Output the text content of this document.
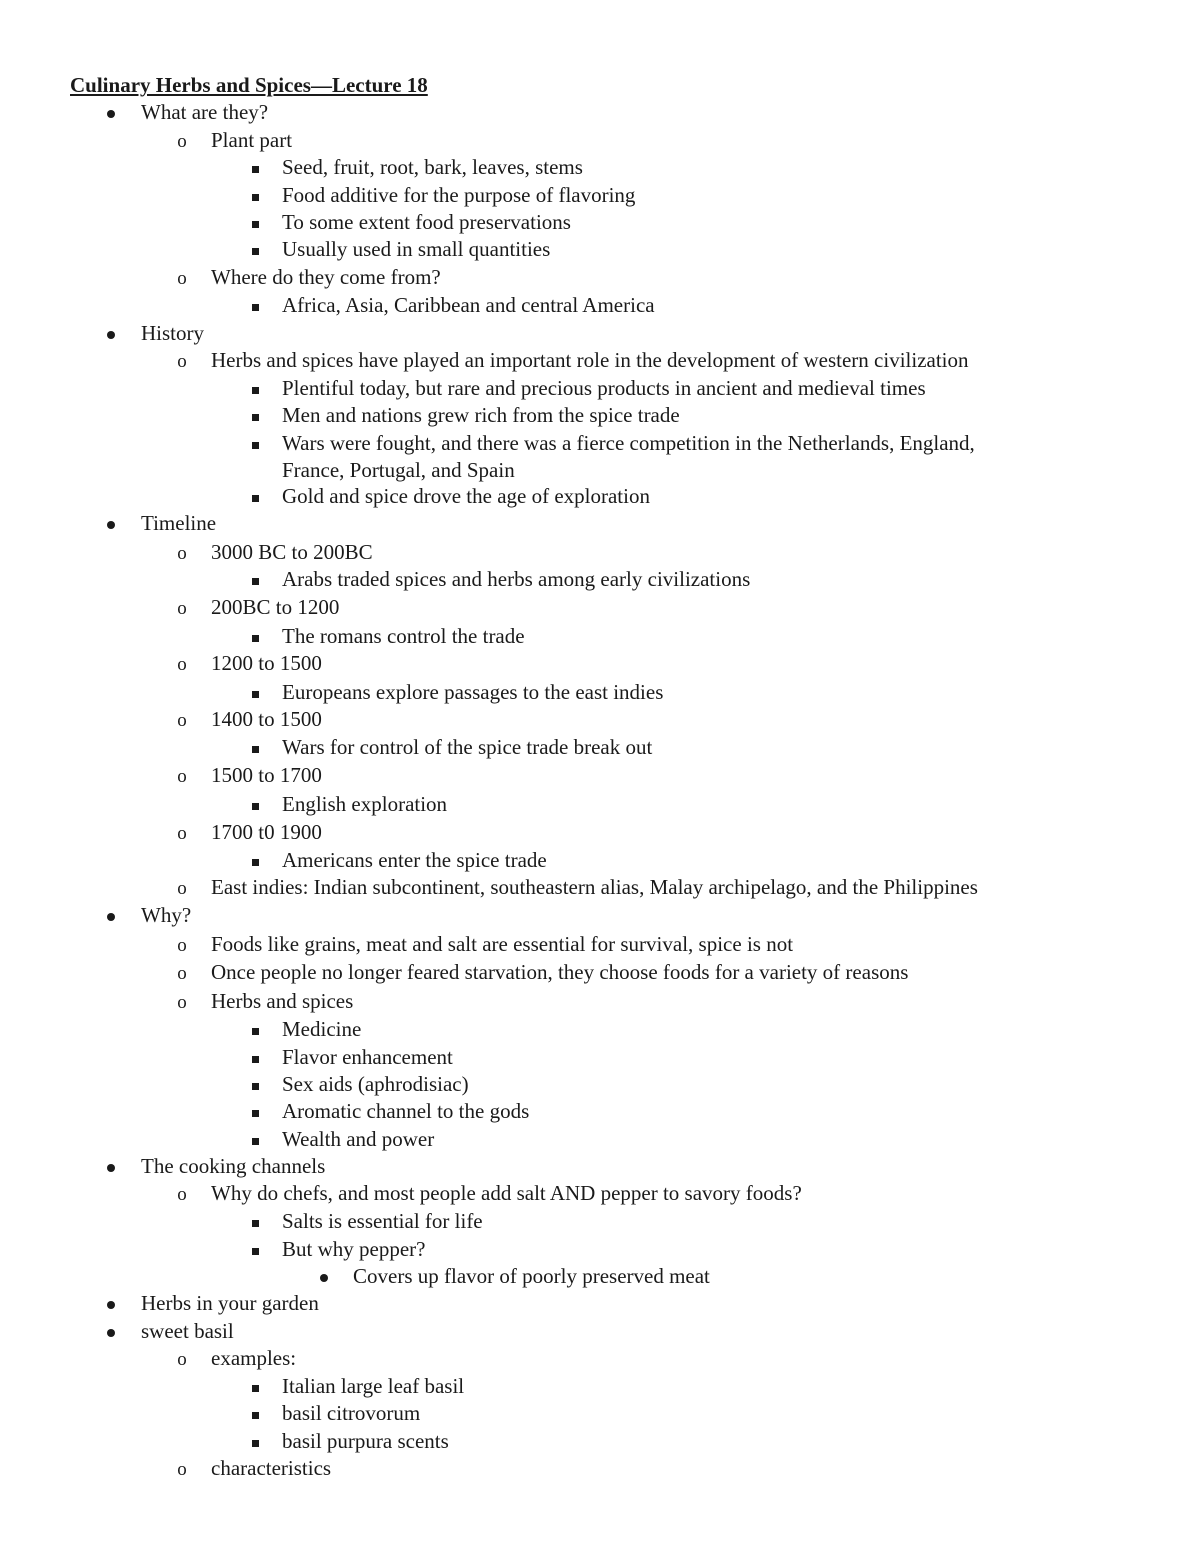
Culinary Herbs and Spices—Lecture 18
What are they?
o
Plant part
Seed, fruit, root, bark, leaves, stems
Food additive for the purpose of flavoring
To some extent food preservations
Usually used in small quantities
o
Where do they come from?
Africa, Asia, Caribbean and central America
History
o
Herbs and spices have played an important role in the development of western civilization
Plentiful today, but rare and precious products in ancient and medieval times
Men and nations grew rich from the spice trade
Wars were fought, and there was a fierce competition in the Netherlands, England,
France, Portugal, and Spain
Gold and spice drove the age of exploration
Timeline
o
3000 BC to 200BC
Arabs traded spices and herbs among early civilizations
o
200BC to 1200
The romans control the trade
o
1200 to 1500
Europeans explore passages to the east indies
o
1400 to 1500
Wars for control of the spice trade break out
o
1500 to 1700
English exploration
o
1700 t0 1900
Americans enter the spice trade
o
East indies: Indian subcontinent, southeastern alias, Malay archipelago, and the Philippines
Why?
o
Foods like grains, meat and salt are essential for survival, spice is not
o
Once people no longer feared starvation, they choose foods for a variety of reasons
o
Herbs and spices
Medicine
Flavor enhancement
Sex aids (aphrodisiac)
Aromatic channel to the gods
Wealth and power
The cooking channels
o
Why do chefs, and most people add salt AND pepper to savory foods?
Salts is essential for life
But why pepper?
Covers up flavor of poorly preserved meat
Herbs in your garden
sweet basil
o
examples:
Italian large leaf basil
basil citrovorum
basil purpura scents
o
characteristics
